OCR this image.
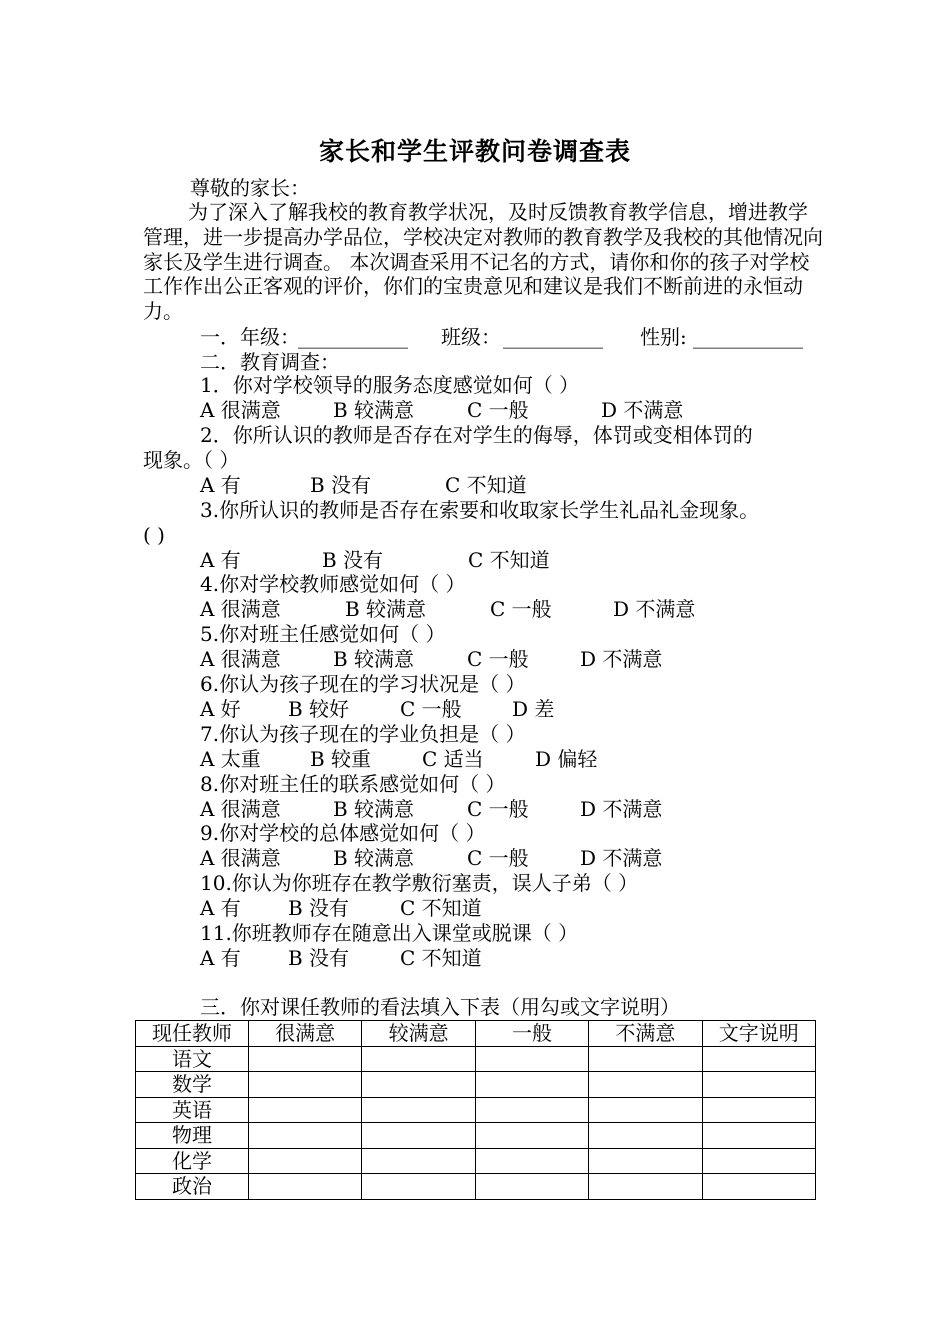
家长和学生评教问卷调查表
尊敬的家长：
为了深入了解我校的教育教学状况，及时反馈教育教学信息，增进教学管理，进一步提高办学品位，学校决定对教师的教育教学及我校的其他情况向家长及学生进行调查。 本次调查采用不记名的方式，请你和你的孩子对学校工作作出公正客观的评价，你们的宝贵意见和建议是我们不断前进的永恒动力。
一．年级：
___________ 班级： __________ 性别: ___________
二．教育调查：
1．你对学校领导的服务态度感觉如何（ ）
A 很满意	B 较满意	C 一般	D 不满意
2．你所认识的教师是否存在对学生的侮辱，体罚或变相体罚的
现象。（ ）
A 有	B 没有	C 不知道
3.你所认识的教师是否存在索要和收取家长学生礼品礼金现象。
( )
A 有	B 没有	C 不知道
4.你对学校教师感觉如何（ ）
A 很满意	B 较满意	C 一般	D 不满意
5.你对班主任感觉如何（ ）
A 很满意	B 较满意	C 一般	D 不满意
6.你认为孩子现在的学习状况是（ ）
A 好 B 较好	C 一般	D 差
7.你认为孩子现在的学业负担是（ ）
A 太重 B 较重	C 适当	D 偏轻
8.你对班主任的联系感觉如何（ ）
A 很满意	B 较满意	C 一般	D 不满意
9.你对学校的总体感觉如何（ ）
A 很满意	B 较满意	C 一般	D 不满意
10.你认为你班存在教学敷衍塞责，误人子弟（ ）
A 有 B 没有	C 不知道
11.你班教师存在随意出入课堂或脱课（ ）
A 有 B 没有	C 不知道
三．你对课任教师的看法填入下表（用勾或文字说明）
现任教师	很满意	较满意	一般	不满意	文字说明
语文					
数学					
英语					
物理					
化学					
政治					
